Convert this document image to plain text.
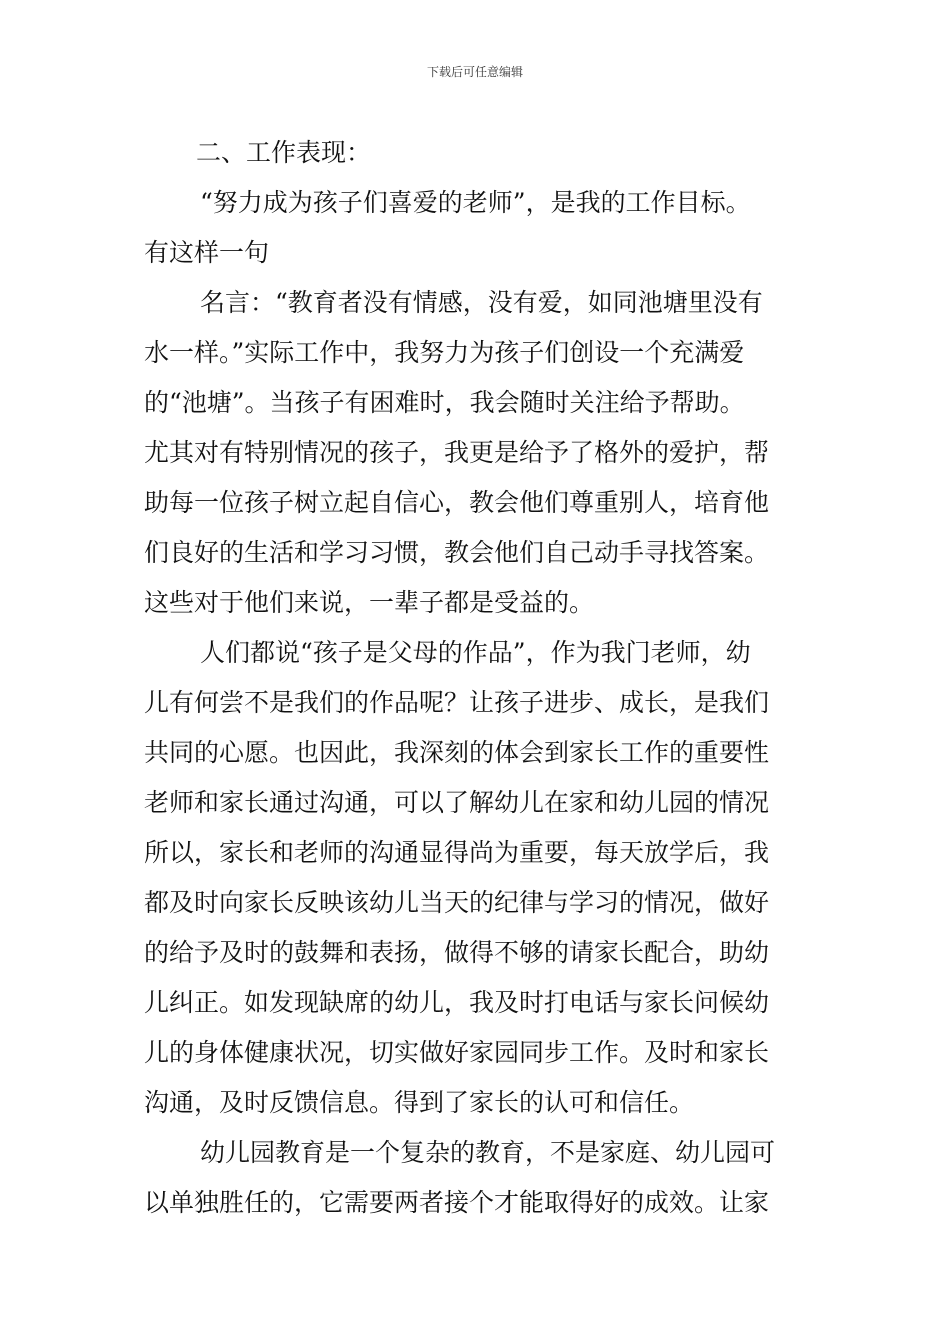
下载后可任意编辑
二、工作表现：
“努力成为孩子们喜爱的老师”，是我的工作目标。
有这样一句
名言：“教育者没有情感，没有爱，如同池塘里没有
水一样。”实际工作中，我努力为孩子们创设一个充满爱
的“池塘”。当孩子有困难时，我会随时关注给予帮助。
尤其对有特别情况的孩子，我更是给予了格外的爱护，帮
助每一位孩子树立起自信心，教会他们尊重别人，培育他
们良好的生活和学习习惯，教会他们自己动手寻找答案。
这些对于他们来说，一辈子都是受益的。
人们都说“孩子是父母的作品”，作为我门老师，幼
儿有何尝不是我们的作品呢？让孩子进步、成长，是我们
共同的心愿。也因此，我深刻的体会到家长工作的重要性
老师和家长通过沟通，可以了解幼儿在家和幼儿园的情况
所以，家长和老师的沟通显得尚为重要，每天放学后，我
都及时向家长反映该幼儿当天的纪律与学习的情况，做好
的给予及时的鼓舞和表扬，做得不够的请家长配合，助幼
儿纠正。如发现缺席的幼儿，我及时打电话与家长问候幼
儿的身体健康状况，切实做好家园同步工作。及时和家长
沟通，及时反馈信息。得到了家长的认可和信任。
幼儿园教育是一个复杂的教育，不是家庭、幼儿园可
以单独胜任的，它需要两者接个才能取得好的成效。让家
